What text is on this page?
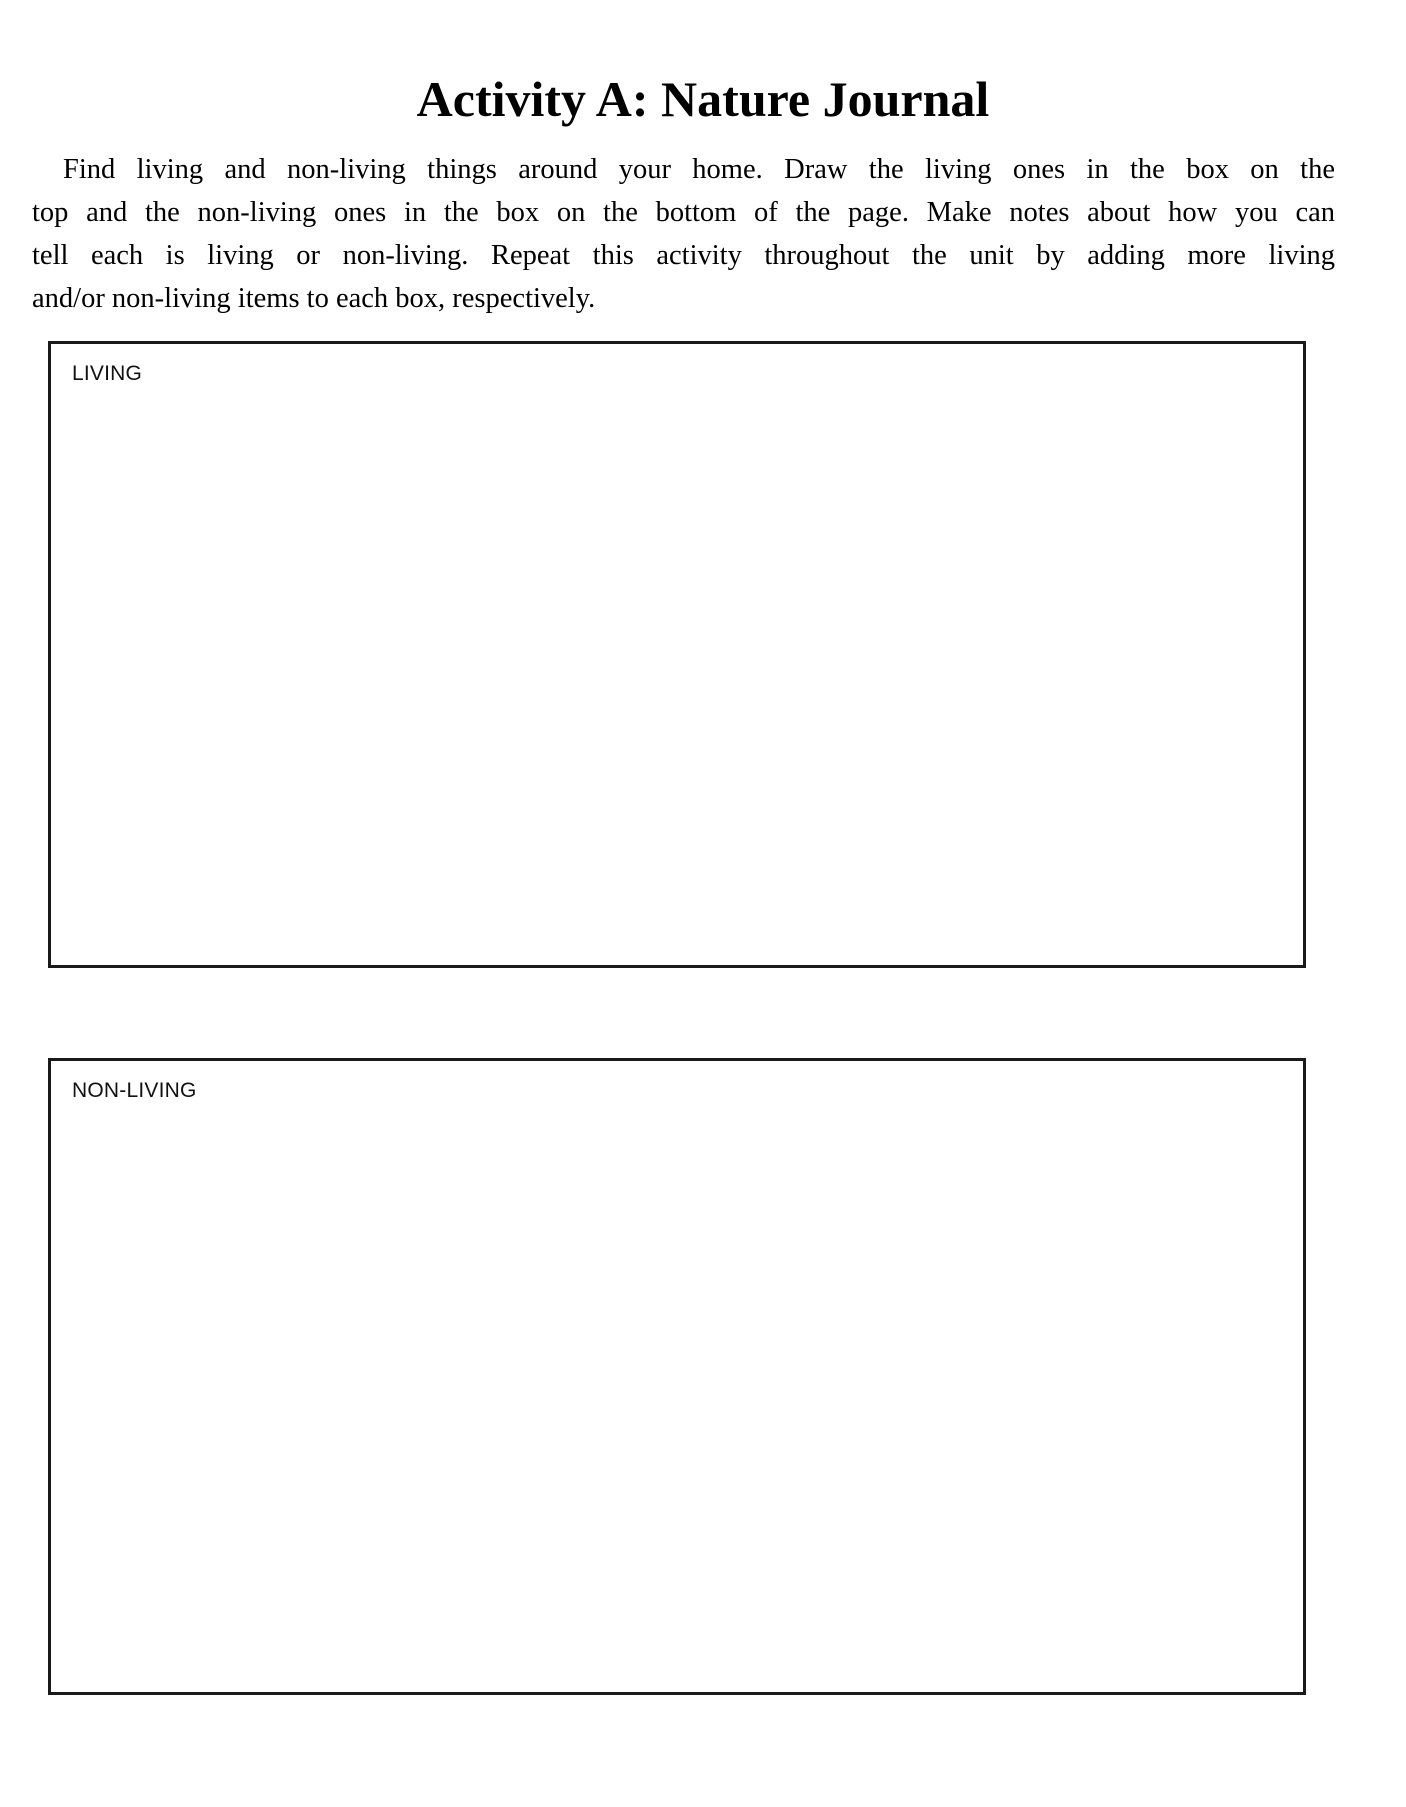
Activity A: Nature Journal
Find living and non-living things around your home. Draw the living ones in the box on the
top and the non-living ones in the box on the bottom of the page. Make notes about how you can
tell each is living or non-living. Repeat this activity throughout the unit by adding more living
and/or non-living items to each box, respectively.
LIVING
NON-LIVING
